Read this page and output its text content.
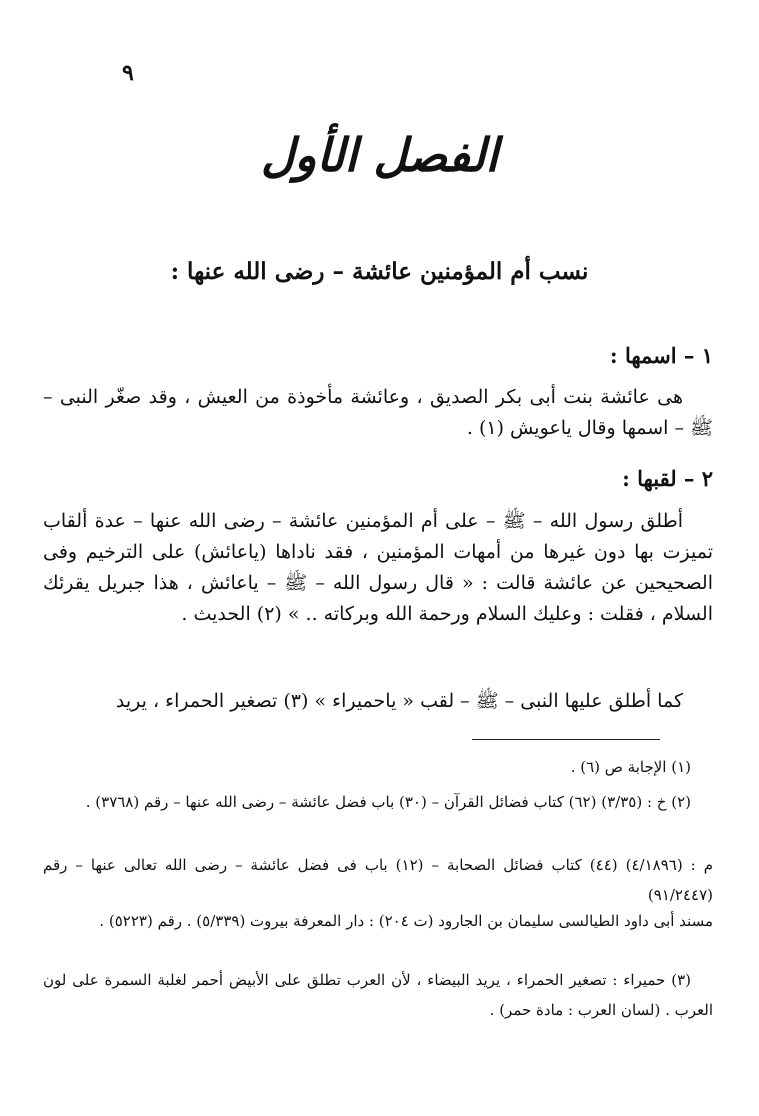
٩
الفصل الأول
نسب أم المؤمنين عائشة – رضى الله عنها :
١ – اسمها :
هى عائشة بنت أبى بكر الصديق ، وعائشة مأخوذة من العيش ، وقد صغّر النبى – ﷺ – اسمها وقال ياعويش (١) .
٢ – لقبها :
أطلق رسول الله – ﷺ – على أم المؤمنين عائشة – رضى الله عنها – عدة ألقاب تميزت بها دون غيرها من أمهات المؤمنين ، فقد ناداها (ياعائش) على الترخيم وفى الصحيحين عن عائشة قالت : « قال رسول الله – ﷺ – ياعائش ، هذا جبريل يقرئك السلام ، فقلت : وعليك السلام ورحمة الله وبركاته .. » (٢) الحديث .
كما أطلق عليها النبى – ﷺ – لقب « ياحميراء » (٣) تصغير الحمراء ، يريد
(١) الإجابة ص (٦) .
(٢) خ : (٣/٣٥) (٦٢) كتاب فضائل القرآن – (٣٠) باب فضل عائشة – رضى الله عنها – رقم (٣٧٦٨) .
م : (٤/١٨٩٦) (٤٤) كتاب فضائل الصحابة – (١٢) باب فى فضل عائشة – رضى الله تعالى عنها – رقم (٩١/٢٤٤٧)
مسند أبى داود الطيالسى سليمان بن الجارود (ت ٢٠٤) : دار المعرفة بيروت (٥/٣٣٩) . رقم (٥٢٢٣) .
(٣) حميراء : تصغير الحمراء ، يريد البيضاء ، لأن العرب تطلق على الأبيض أحمر لغلبة السمرة على لون العرب . (لسان العرب : مادة حمر) .
